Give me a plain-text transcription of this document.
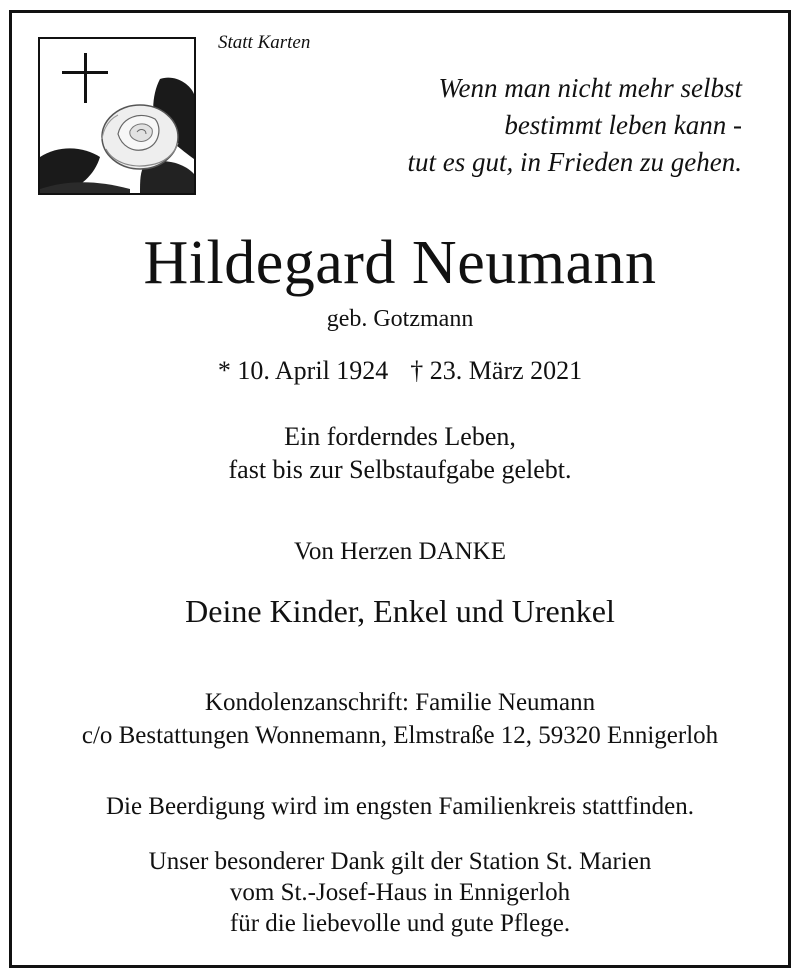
Statt Karten
Wenn man nicht mehr selbst
bestimmt leben kann -
tut es gut, in Frieden zu gehen.
Hildegard Neumann
geb. Gotzmann
* 10. April 1924 † 23. März 2021
Ein forderndes Leben,
fast bis zur Selbstaufgabe gelebt.
Von Herzen DANKE
Deine Kinder, Enkel und Urenkel
Kondolenzanschrift: Familie Neumann
c/o Bestattungen Wonnemann, Elmstraße 12, 59320 Ennigerloh
Die Beerdigung wird im engsten Familienkreis stattfinden.
Unser besonderer Dank gilt der Station St. Marien
vom St.-Josef-Haus in Ennigerloh
für die liebevolle und gute Pflege.
